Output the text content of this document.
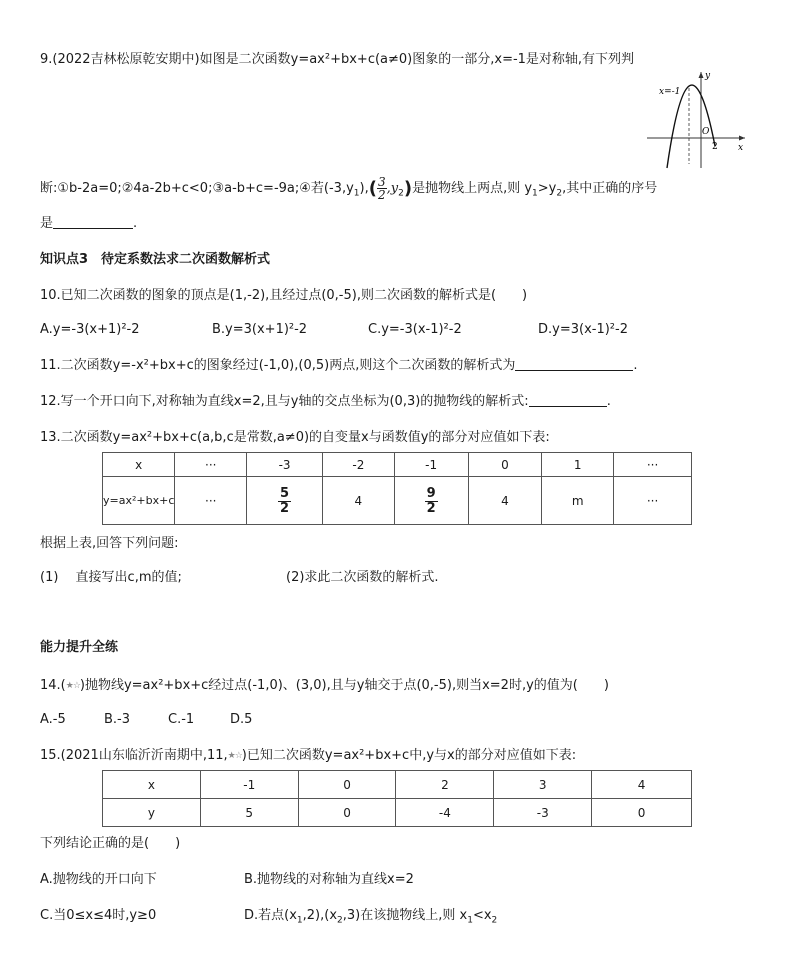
9.(2022吉林松原乾安期中)如图是二次函数y=ax²+bx+c(a≠0)图象的一部分,x=-1是对称轴,有下列判
x=-1
y
x
O
2
断:①b-2a=0;②4a-2b+c<0;③a-b+c=-9a;④若$(-3,y_1),( \frac{3}{2} ,y_2)$是抛物线上两点,则 $y_1>y_2$,其中正确的序号
是	.
知识点3　待定系数法求二次函数解析式
10.已知二次函数的图象的顶点是(1,-2),且经过点(0,-5),则二次函数的解析式是(　　)
A.y=-3(x+1)²-2	B.y=3(x+1)²-2	C.y=-3(x-1)²-2	D.y=3(x-1)²-2
11.二次函数y=-x²+bx+c的图象经过(-1,0),(0,5)两点,则这个二次函数的解析式为	.
12.写一个开口向下,对称轴为直线x=2,且与y轴的交点坐标为(0,3)的抛物线的解析式:	.
13.二次函数y=ax²+bx+c(a,b,c是常数,a≠0)的自变量x与函数值y的部分对应值如下表:
x	···	-3	-2	-1	0	1	···
y=ax²+bx+c	···	$\frac{5}{2}$	4	$\frac{9}{2}$	4	m	···
根据上表,回答下列问题:
(1)　 直接写出c,m的值;	(2)求此二次函数的解析式.
能力提升全练
14.(★☆)抛物线y=ax²+bx+c经过点(-1,0)、(3,0),且与y轴交于点(0,-5),则当x=2时,y的值为(　　)
A.-5	B.-3	C.-1	D.5
15.(2021山东临沂沂南期中,11,★☆)已知二次函数y=ax²+bx+c中,y与x的部分对应值如下表:
x	-1	0	2	3	4
y	5	0	-4	-3	0
下列结论正确的是(　　)
A.抛物线的开口向下	B.抛物线的对称轴为直线x=2
C.当0≤x≤4时,y≥0	D.若点$(x_1,2),(x_2,3)$在该抛物线上,则 $x_1<x_2$
